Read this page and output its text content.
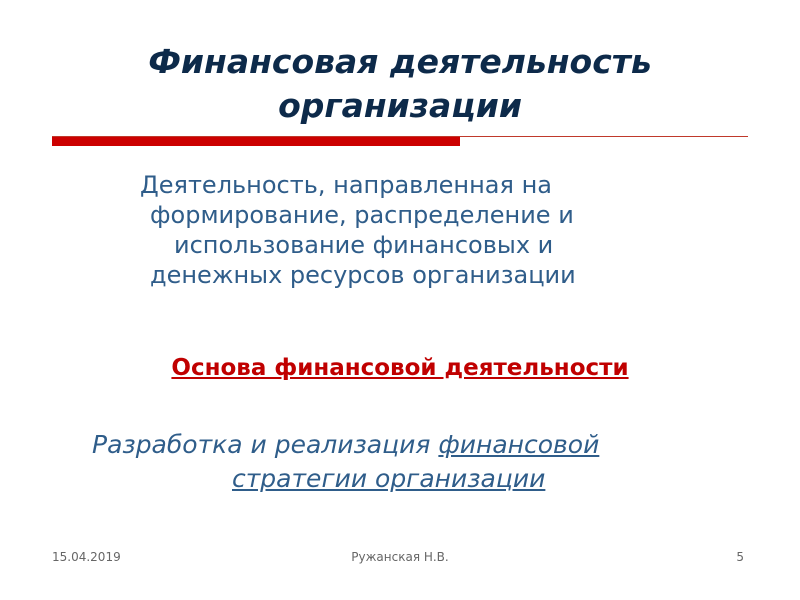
Финансовая деятельность
организации
Деятельность, направленная на
формирование, распределение и
использование финансовых и
денежных ресурсов организации
Основа финансовой деятельности
Разработка и реализация финансовой
стратегии организации
15.04.2019	Ружанская Н.В.	5
